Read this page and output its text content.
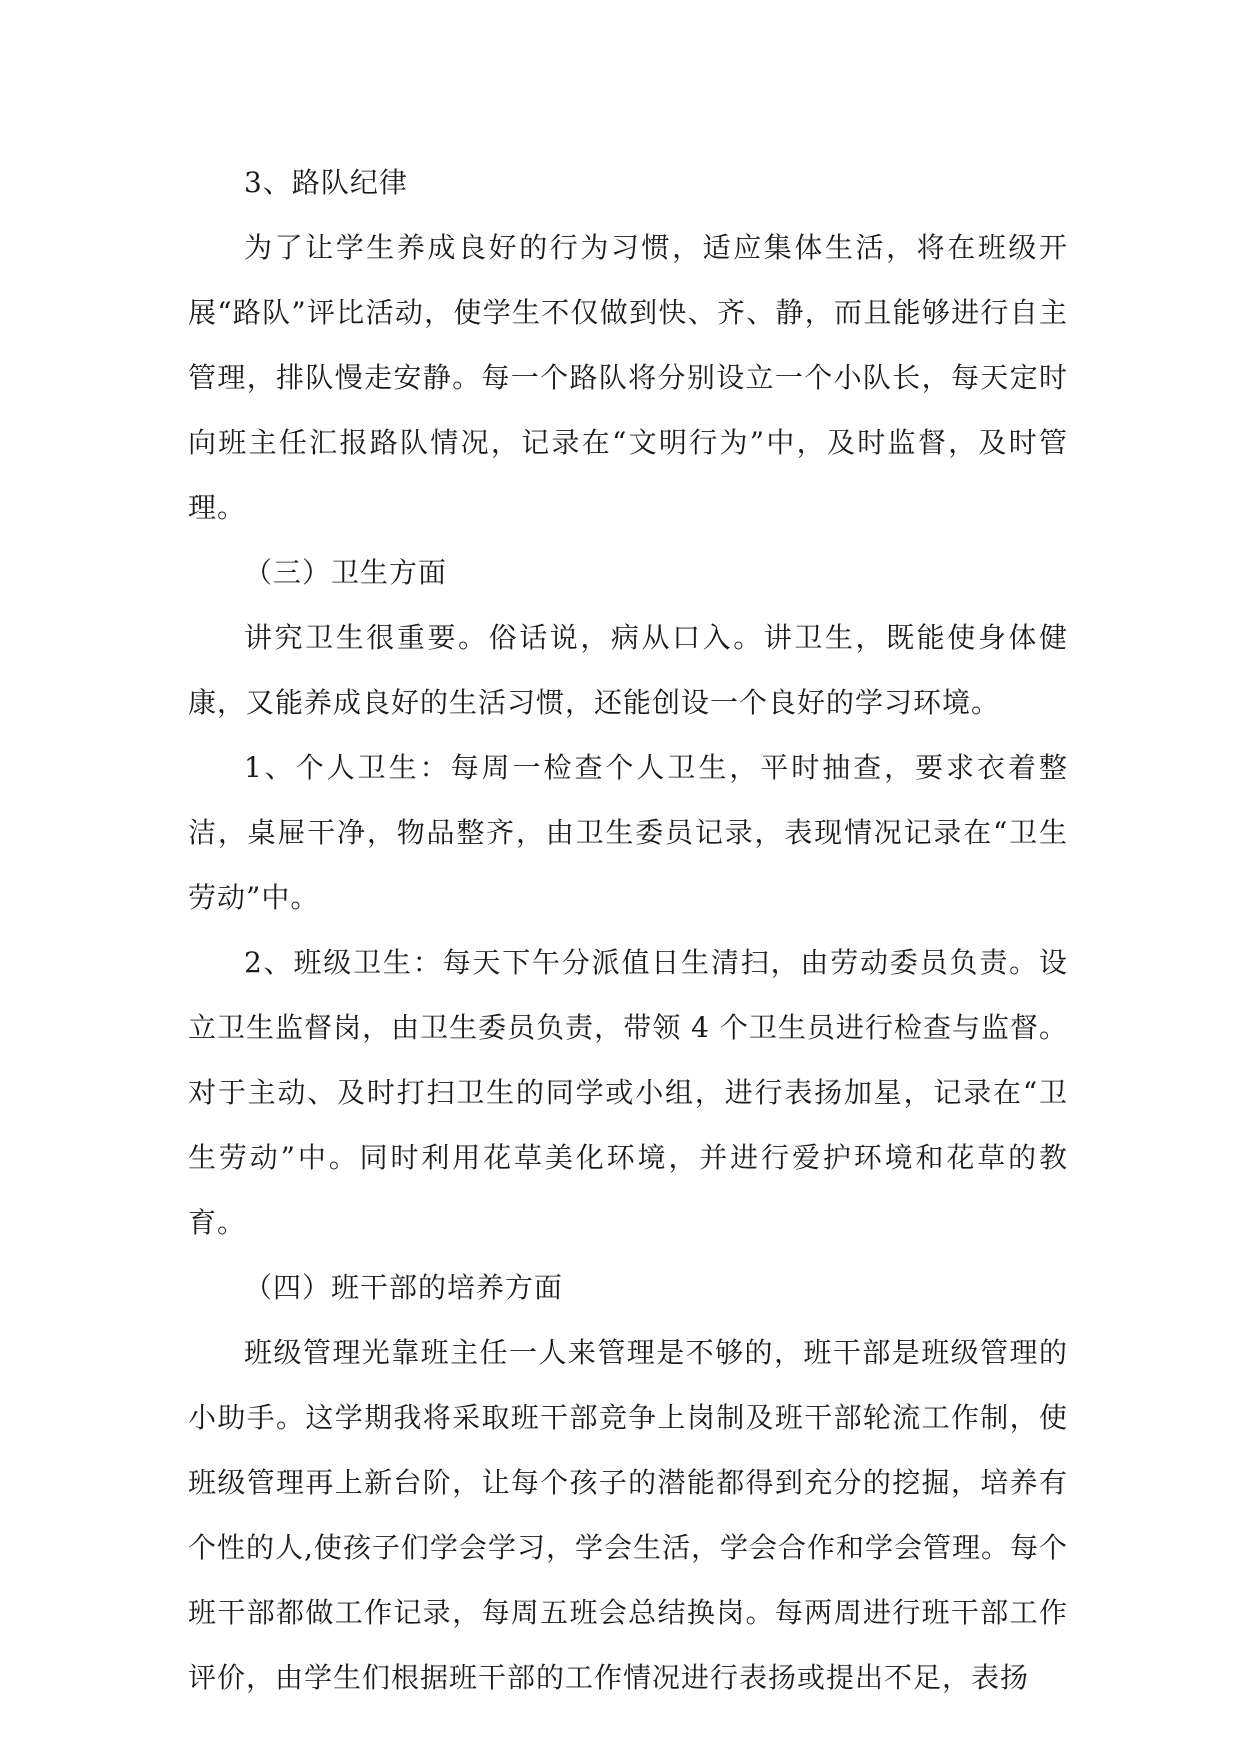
3、路队纪律

为了让学生养成良好的行为习惯，适应集体生活，将在班级开展“路队”评比活动，使学生不仅做到快、齐、静，而且能够进行自主管理，排队慢走安静。每一个路队将分别设立一个小队长，每天定时向班主任汇报路队情况，记录在“文明行为”中，及时监督，及时管理。

（三）卫生方面

讲究卫生很重要。俗话说，病从口入。讲卫生，既能使身体健康，又能养成良好的生活习惯，还能创设一个良好的学习环境。

1、个人卫生：每周一检查个人卫生，平时抽查，要求衣着整洁，桌屉干净，物品整齐，由卫生委员记录，表现情况记录在“卫生劳动”中。

2、班级卫生：每天下午分派值日生清扫，由劳动委员负责。设立卫生监督岗，由卫生委员负责，带领 4 个卫生员进行检查与监督。对于主动、及时打扫卫生的同学或小组，进行表扬加星，记录在“卫生劳动”中。同时利用花草美化环境，并进行爱护环境和花草的教育。

（四）班干部的培养方面

班级管理光靠班主任一人来管理是不够的，班干部是班级管理的小助手。这学期我将采取班干部竞争上岗制及班干部轮流工作制，使班级管理再上新台阶，让每个孩子的潜能都得到充分的挖掘，培养有个性的人,使孩子们学会学习，学会生活，学会合作和学会管理。每个班干部都做工作记录，每周五班会总结换岗。每两周进行班干部工作评价，由学生们根据班干部的工作情况进行表扬或提出不足，表扬
